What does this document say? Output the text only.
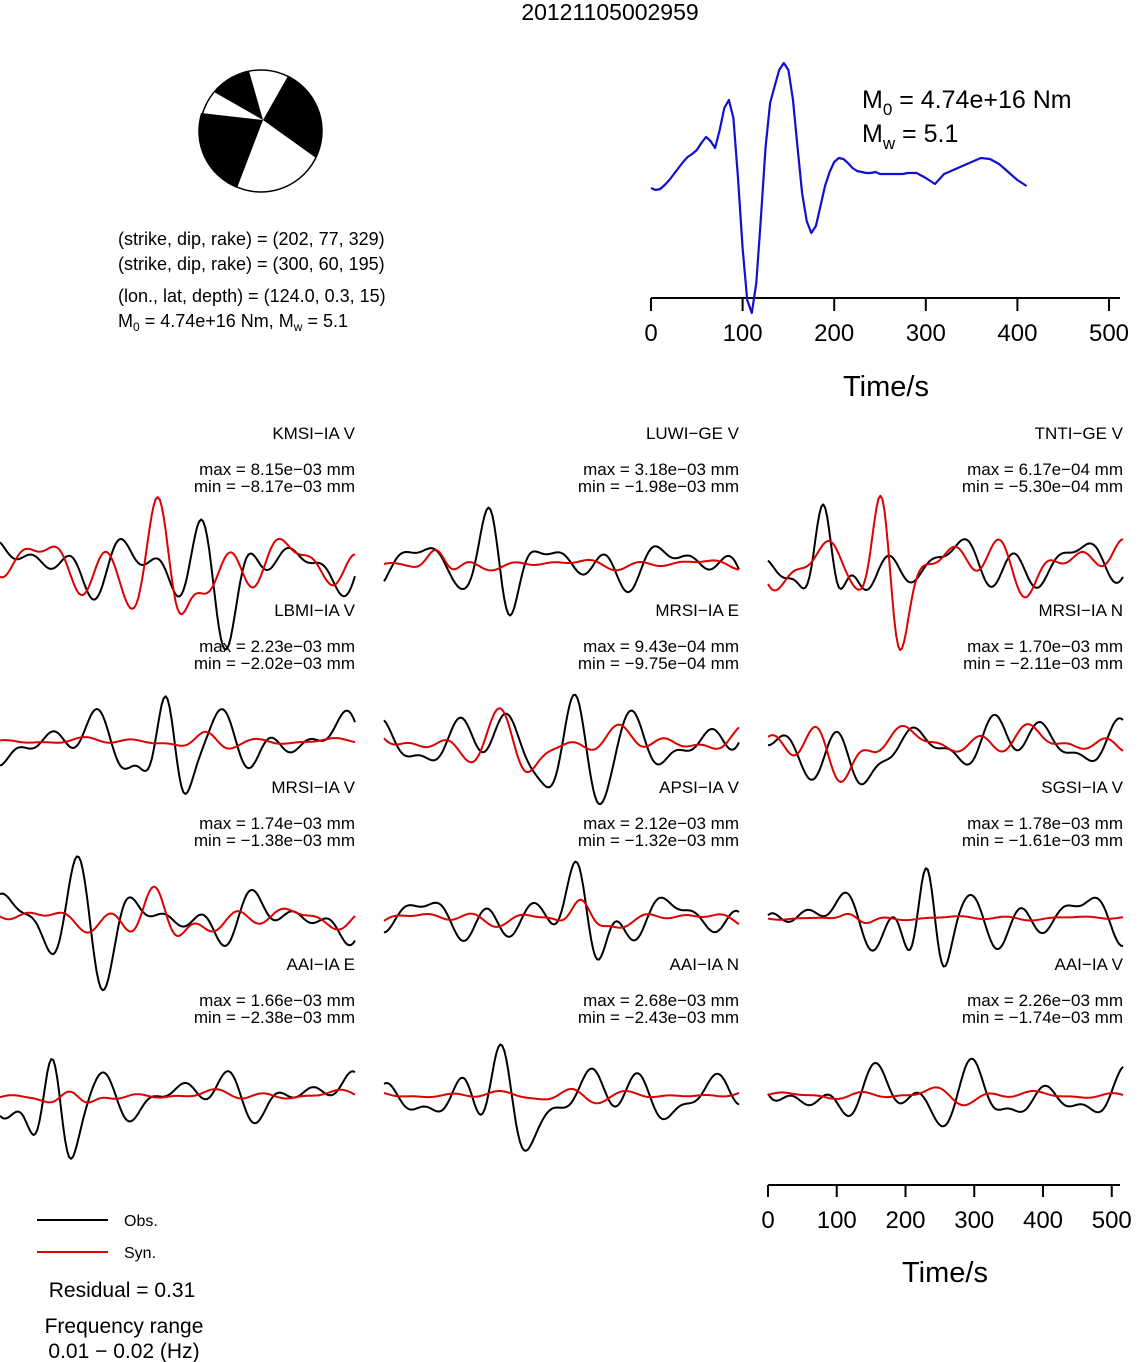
20121105002959
(strike, dip, rake) = (202, 77, 329)
(strike, dip, rake) = (300, 60, 195)
(lon., lat, depth) = (124.0, 0.3, 15)
$M_0 = 4.74e+16$ Nm, $M_w = 5.1$
$M_0 = 4.74e+16$ Nm
$M_w = 5.1$
0	100 200 300 400 500
Time/s
KMSI−IA V
max = 8.15e−03 mm
min = −8.17e−03 mm
LUWI−GE V
max = 3.18e−03 mm
min = −1.98e−03 mm
TNTI−GE V
max = 6.17e−04 mm
min = −5.30e−04 mm
LBMI−IA V
max = 2.23e−03 mm
min = −2.02e−03 mm
MRSI−IA E
max = 9.43e−04 mm
min = −9.75e−04 mm
MRSI−IA N
max = 1.70e−03 mm
min = −2.11e−03 mm
MRSI−IA V
max = 1.74e−03 mm
min = −1.38e−03 mm
APSI−IA V
max = 2.12e−03 mm
min = −1.32e−03 mm
SGSI−IA V
max = 1.78e−03 mm
min = −1.61e−03 mm
AAI−IA E
max = 1.66e−03 mm
min = −2.38e−03 mm
AAI−IA N
max = 2.68e−03 mm
min = −2.43e−03 mm
AAI−IA V
max = 2.26e−03 mm
min = −1.74e−03 mm
0 100 200 300 400 500
Time/s
Obs.
Syn.
Residual = 0.31
Frequency range
0.01 − 0.02 (Hz)
